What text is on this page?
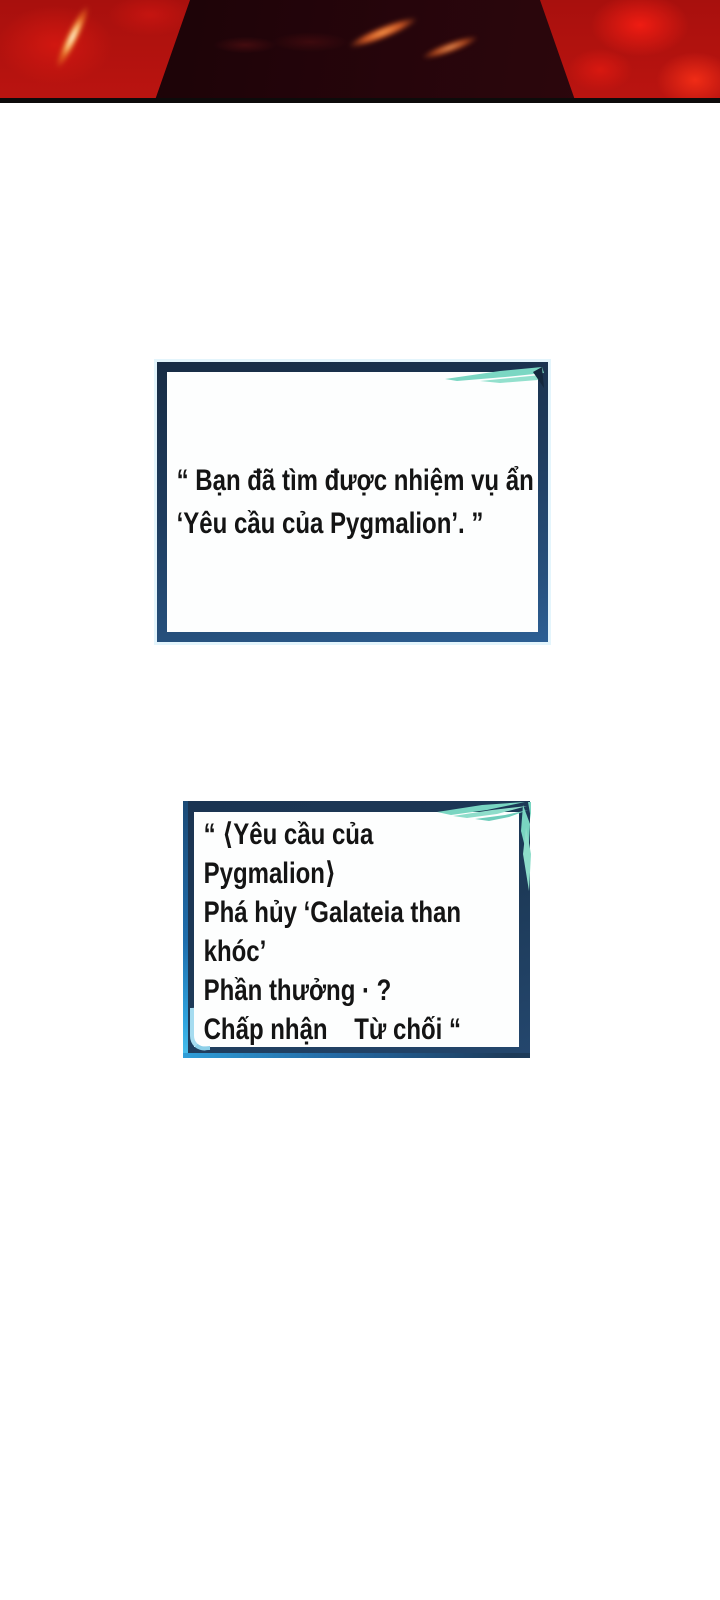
“ Bạn đã tìm được nhiệm vụ ẩn
‘Yêu cầu của Pygmalion’. ”
“ ⟨Yêu cầu của
Pygmalion⟩
Phá hủy ‘Galateia than
khóc’
Phần thưởng · ?
Chấp nhận    Từ chối “
